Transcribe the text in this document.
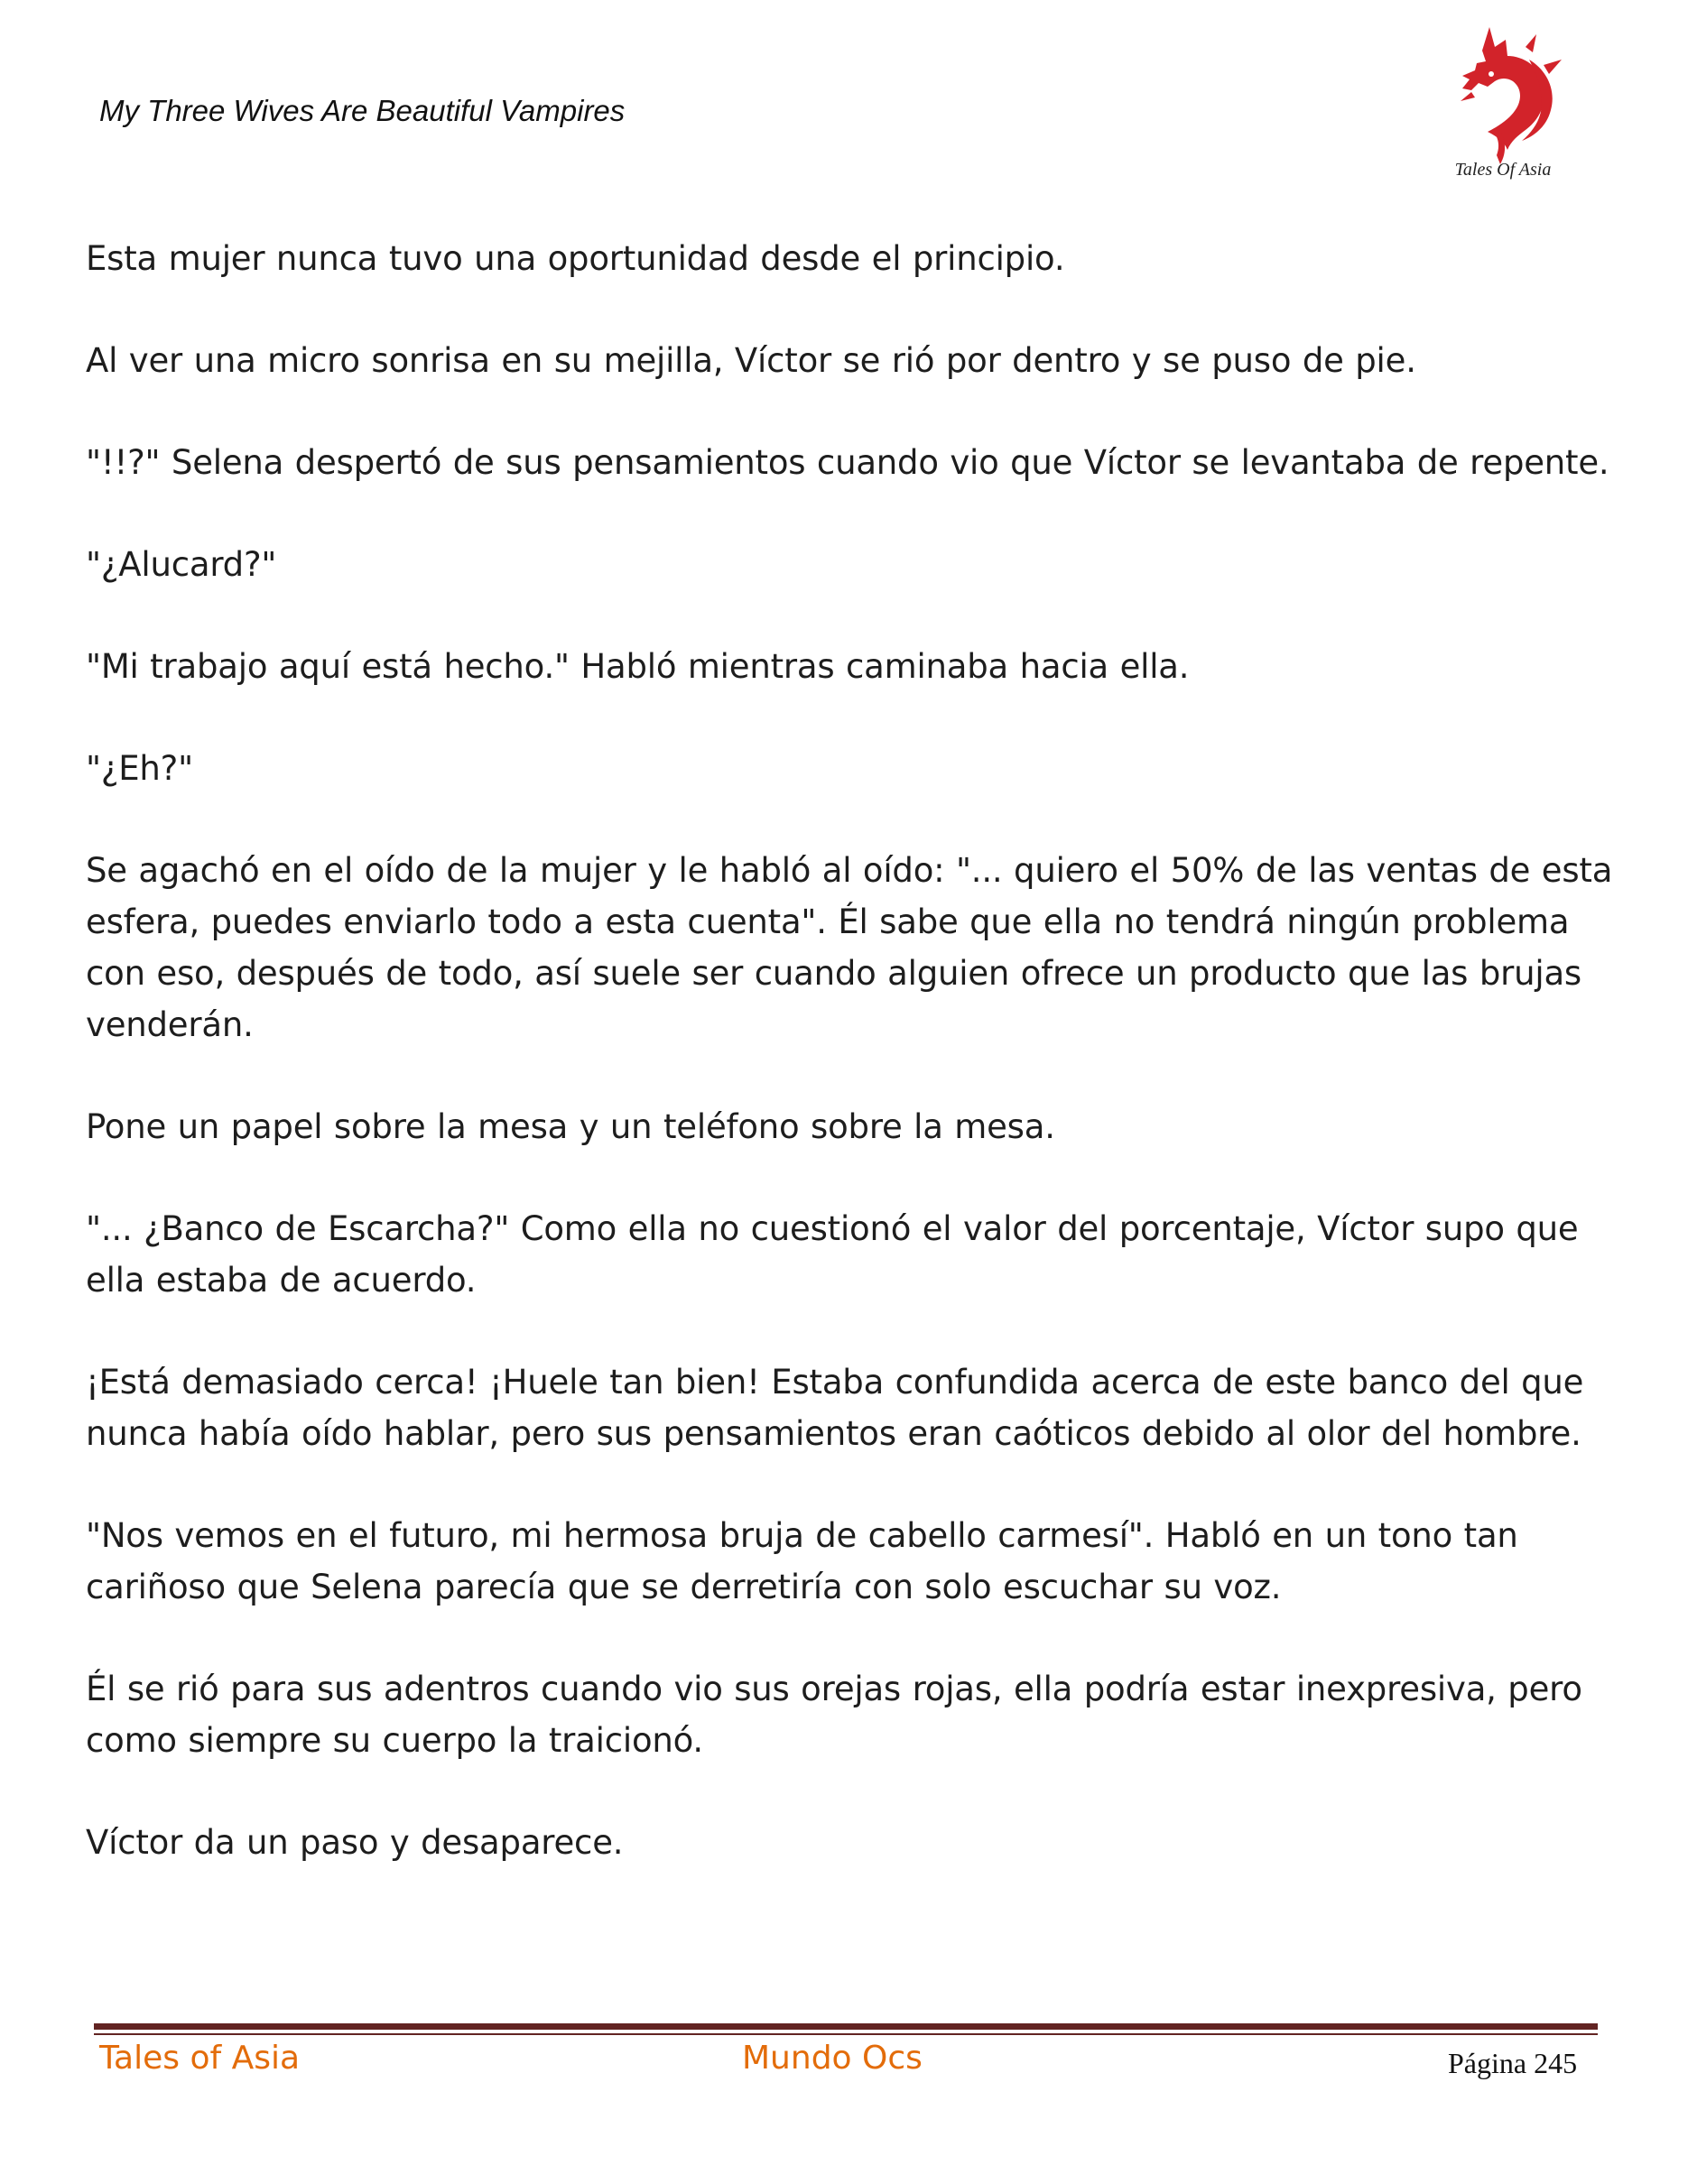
My Three Wives Are Beautiful Vampires
Tales Of Asia

Esta mujer nunca tuvo una oportunidad desde el principio.

Al ver una micro sonrisa en su mejilla, Víctor se rió por dentro y se puso de pie.

"!!?" Selena despertó de sus pensamientos cuando vio que Víctor se levantaba de repente.

"¿Alucard?"

"Mi trabajo aquí está hecho." Habló mientras caminaba hacia ella.

"¿Eh?"

Se agachó en el oído de la mujer y le habló al oído: "... quiero el 50% de las ventas de esta esfera, puedes enviarlo todo a esta cuenta". Él sabe que ella no tendrá ningún problema con eso, después de todo, así suele ser cuando alguien ofrece un producto que las brujas venderán.

Pone un papel sobre la mesa y un teléfono sobre la mesa.

"... ¿Banco de Escarcha?" Como ella no cuestionó el valor del porcentaje, Víctor supo que ella estaba de acuerdo.

¡Está demasiado cerca! ¡Huele tan bien! Estaba confundida acerca de este banco del que nunca había oído hablar, pero sus pensamientos eran caóticos debido al olor del hombre.

"Nos vemos en el futuro, mi hermosa bruja de cabello carmesí". Habló en un tono tan cariñoso que Selena parecía que se derretiría con solo escuchar su voz.

Él se rió para sus adentros cuando vio sus orejas rojas, ella podría estar inexpresiva, pero como siempre su cuerpo la traicionó.

Víctor da un paso y desaparece.

Tales of Asia	Mundo Ocs	Página 245
